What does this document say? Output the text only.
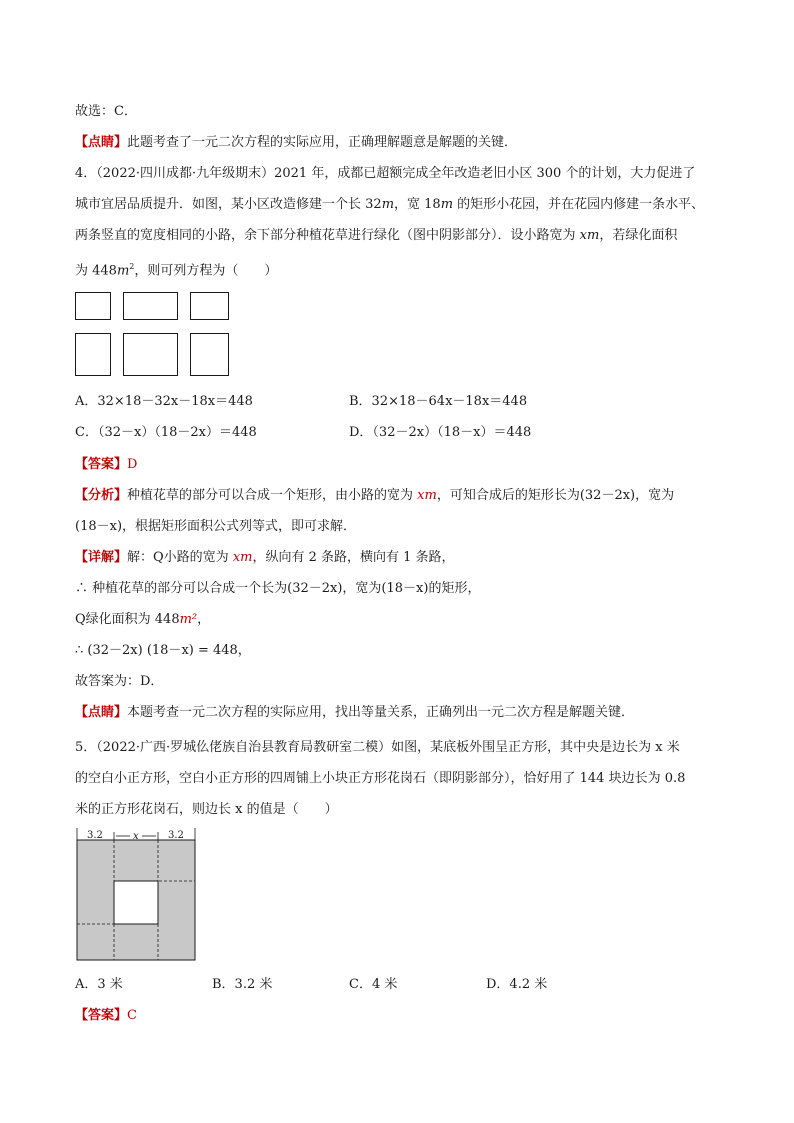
故选：C．
【点睛】此题考查了一元二次方程的实际应用，正确理解题意是解题的关键．
4．（2022·四川成都·九年级期末）2021 年，成都已超额完成全年改造老旧小区 300 个的计划，大力促进了
城市宜居品质提升．如图，某小区改造修建一个长 32m，宽 18m 的矩形小花园，并在花园内修建一条水平、
两条竖直的宽度相同的小路，余下部分种植花草进行绿化（图中阴影部分）．设小路宽为 xm，若绿化面积
为 $448m^2$，则可列方程为（　　）
A．32×18－32x－18x＝448	B．32×18－64x－18x＝448
C．（32－x）（18－2x）＝448	D．（32－2x）（18－x）＝448
【答案】D
【分析】种植花草的部分可以合成一个矩形，由小路的宽为 xm，可知合成后的矩形长为(32－2x)，宽为
(18－x)，根据矩形面积公式列等式，即可求解．
【详解】解：Q小路的宽为 xm，纵向有 2 条路，横向有 1 条路，
∴ 种植花草的部分可以合成一个长为(32－2x)，宽为(18－x)的矩形，
Q绿化面积为 448m²，
∴ (32－2x) (18－x) = 448，
故答案为：D．
【点睛】本题考查一元二次方程的实际应用，找出等量关系，正确列出一元二次方程是解题关键．
5．（2022·广西·罗城仫佬族自治县教育局教研室二模）如图，某底板外围呈正方形，其中央是边长为 x 米
的空白小正方形，空白小正方形的四周铺上小块正方形花岗石（即阴影部分），恰好用了 144 块边长为 0.8
米的正方形花岗石，则边长 x 的值是（　　）
3.2	x	3.2
A．3 米	B．3.2 米	C．4 米	D．4.2 米
【答案】C
